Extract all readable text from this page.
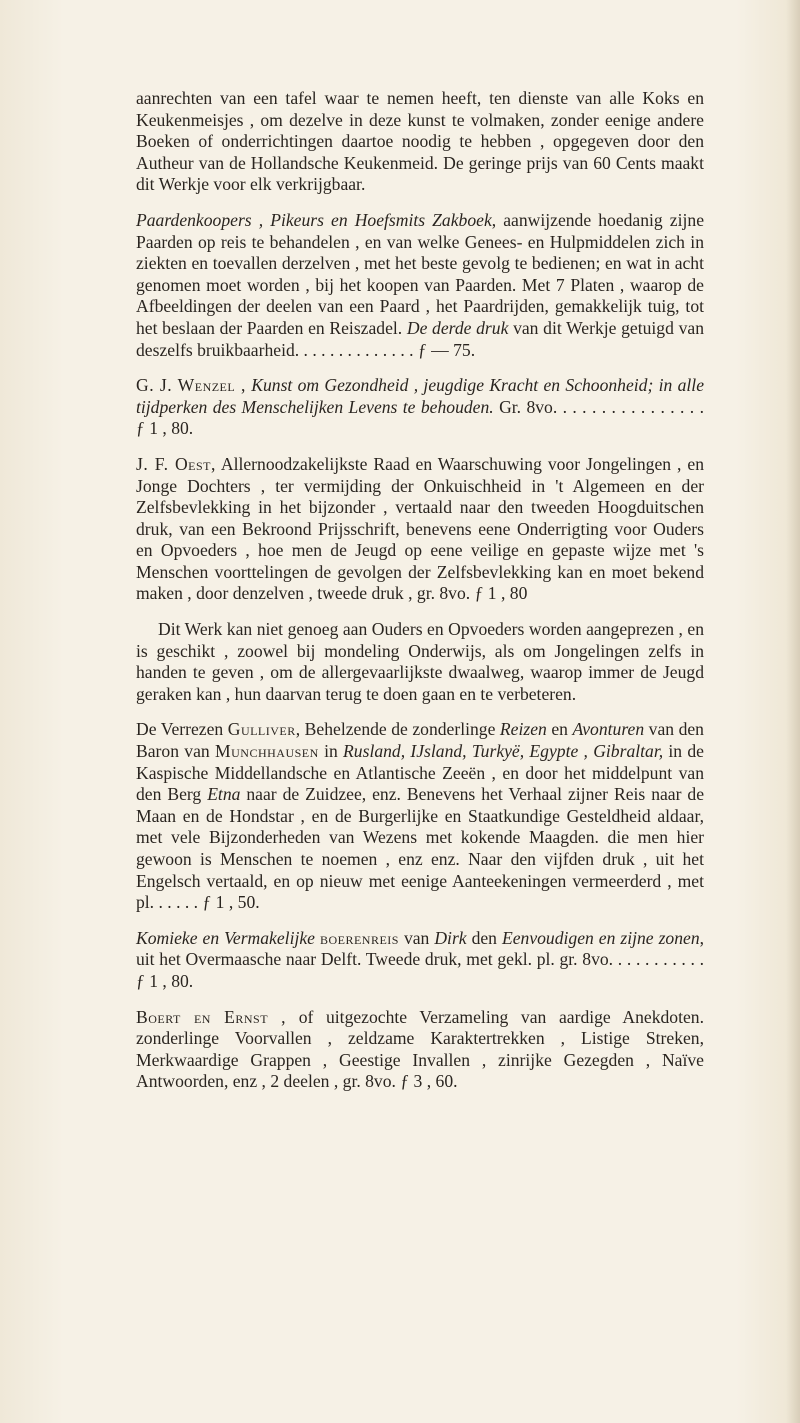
aanrechten van een tafel waar te nemen heeft, ten dienste van alle Koks en Keukenmeisjes , om dezelve in deze kunst te volmaken, zonder eenige andere Boeken of onderrichtingen daartoe noodig te hebben , opgegeven door den Autheur van de Hollandsche Keukenmeid. De geringe prijs van 60 Cents maakt dit Werkje voor elk verkrijgbaar.

Paardenkoopers , Pikeurs en Hoefsmits Zakboek, aanwijzende hoedanig zijne Paarden op reis te behandelen , en van welke Genees- en Hulpmiddelen zich in ziekten en toevallen derzelven , met het beste gevolg te bedienen; en wat in acht genomen moet worden , bij het koopen van Paarden. Met 7 Platen , waarop de Afbeeldingen der deelen van een Paard , het Paardrijden, gemakkelijk tuig, tot het beslaan der Paarden en Reiszadel. De derde druk van dit Werkje getuigd van deszelfs bruikbaarheid. . . . . . . . . . . . . . ƒ — 75.

G. J. Wenzel , Kunst om Gezondheid , jeugdige Kracht en Schoonheid; in alle tijdperken des Menschelijken Levens te behouden. Gr. 8vo. . . . . . . . . . . . . . . . ƒ 1 , 80.

J. F. Oest, Allernoodzakelijkste Raad en Waarschuwing voor Jongelingen , en Jonge Dochters , ter vermijding der Onkuischheid in 't Algemeen en der Zelfsbevlekking in het bijzonder , vertaald naar den tweeden Hoogduitschen druk, van een Bekroond Prijsschrift, benevens eene Onderrigting voor Ouders en Opvoeders , hoe men de Jeugd op eene veilige en gepaste wijze met 's Menschen voorttelingen de gevolgen der Zelfsbevlekking kan en moet bekend maken , door denzelven , tweede druk , gr. 8vo. ƒ 1 , 80

Dit Werk kan niet genoeg aan Ouders en Opvoeders worden aangeprezen , en is geschikt , zoowel bij mondeling Onderwijs, als om Jongelingen zelfs in handen te geven , om de allergevaarlijkste dwaalweg, waarop immer de Jeugd geraken kan , hun daarvan terug te doen gaan en te verbeteren.

De Verrezen Gulliver, Behelzende de zonderlinge Reizen en Avonturen van den Baron van Munchhausen in Rusland, IJsland, Turkyë, Egypte , Gibraltar, in de Kaspische Middellandsche en Atlantische Zeeën , en door het middelpunt van den Berg Etna naar de Zuidzee, enz. Benevens het Verhaal zijner Reis naar de Maan en de Hondstar , en de Burgerlijke en Staatkundige Gesteldheid aldaar, met vele Bijzonderheden van Wezens met kokende Maagden. die men hier gewoon is Menschen te noemen , enz enz. Naar den vijfden druk , uit het Engelsch vertaald, en op nieuw met eenige Aanteekeningen vermeerderd , met pl. . . . . . ƒ 1 , 50.

Komieke en Vermakelijke boerenreis van Dirk den Eenvoudigen en zijne zonen, uit het Overmaasche naar Delft. Tweede druk, met gekl. pl. gr. 8vo. . . . . . . . . . . ƒ 1 , 80.

Boert en Ernst , of uitgezochte Verzameling van aardige Anekdoten. zonderlinge Voorvallen , zeldzame Karaktertrekken , Listige Streken, Merkwaardige Grappen , Geestige Invallen , zinrijke Gezegden , Naïve Antwoorden, enz , 2 deelen , gr. 8vo. ƒ 3 , 60.
